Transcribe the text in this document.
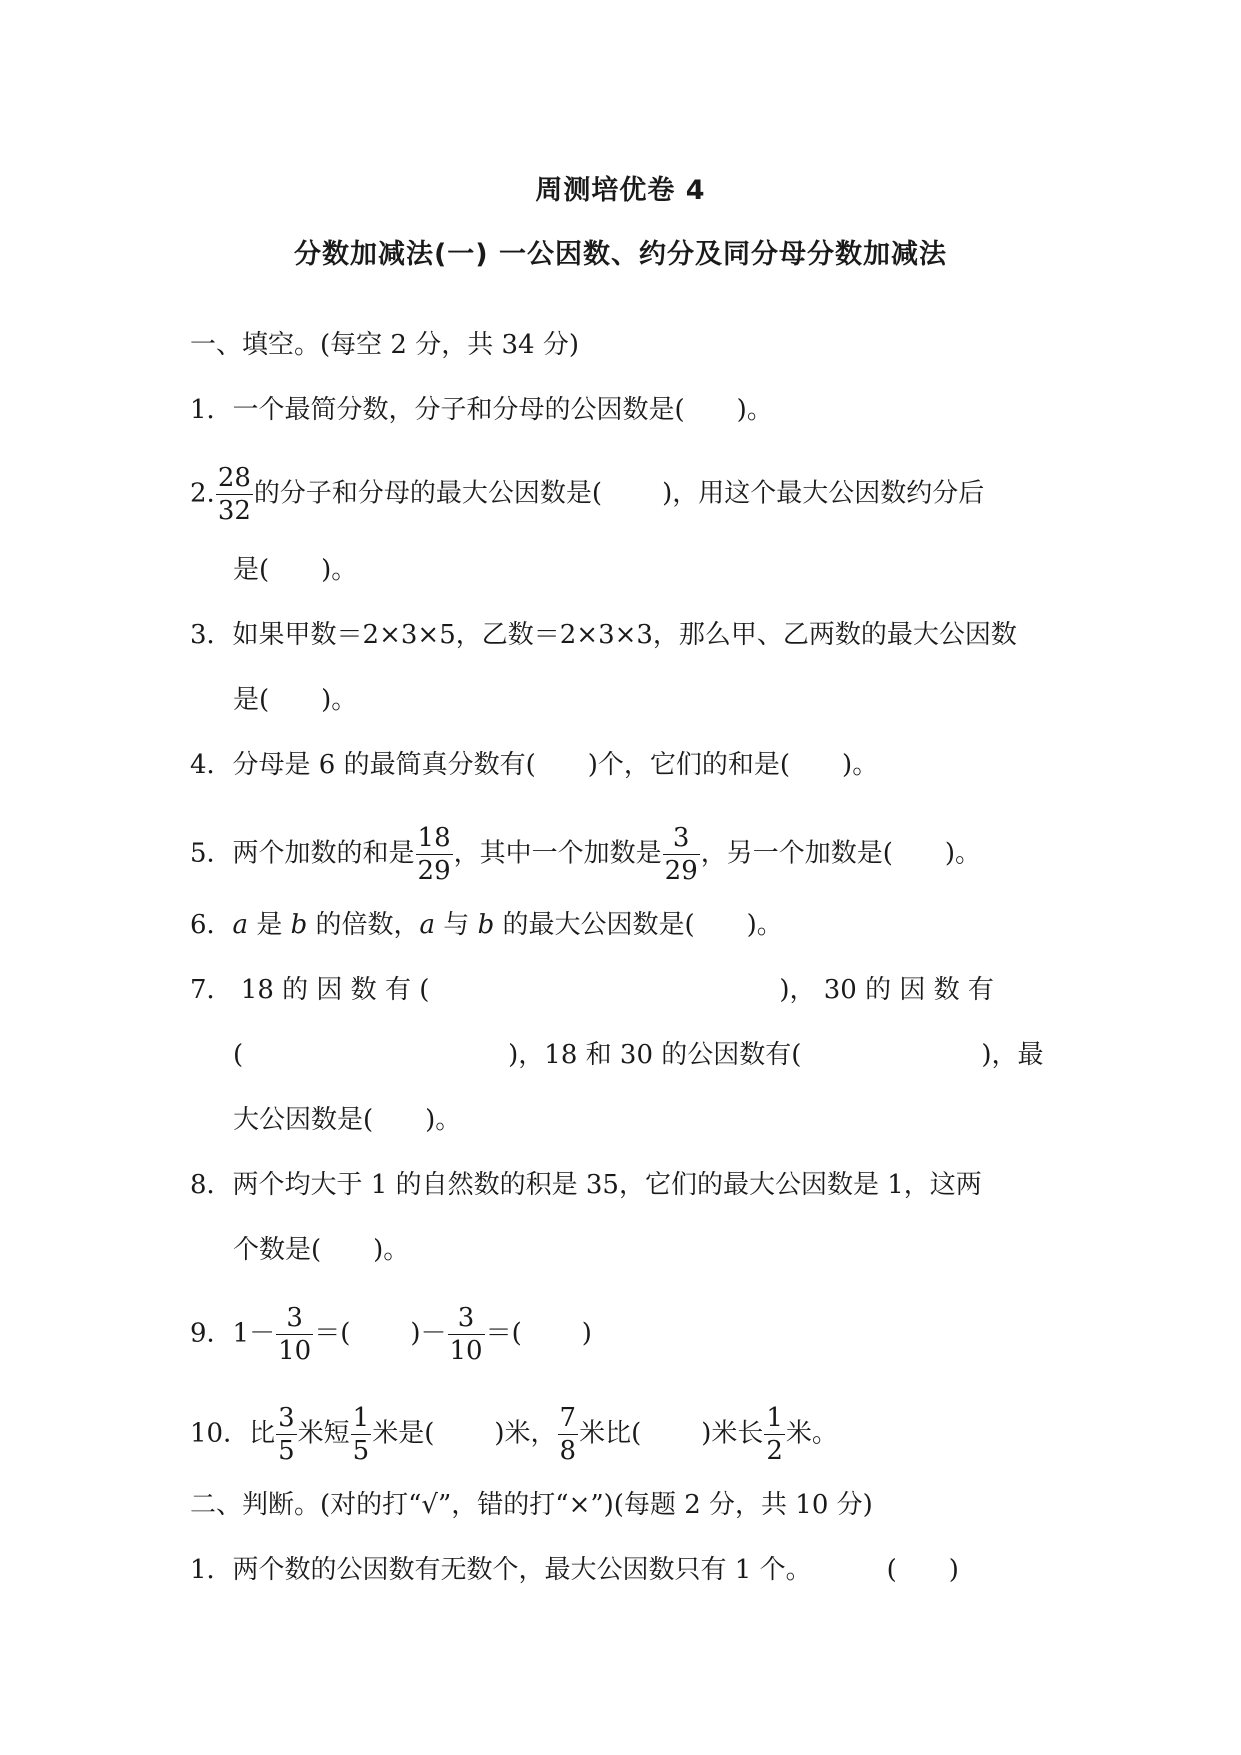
周测培优卷 4
分数加减法(一) 一公因数、约分及同分母分数加减法
一、填空。(每空 2 分，共 34 分)
1．一个最简分数，分子和分母的公因数是(　　)。
2. $\frac{28}{32}$ 的分子和分母的最大公因数是( )，用这个最大公因数约分后
是(　　)。
3．如果甲数＝2×3×5，乙数＝2×3×3，那么甲、乙两数的最大公因数
是(　　)。
4．分母是 6 的最简真分数有(　　)个，它们的和是(　　)。
5．两个加数的和是 $\frac{18}{29}$ ，其中一个加数是 $\frac{3}{29}$ ，另一个加数是(　　)。
6．a 是 b 的倍数，a 与 b 的最大公因数是(　　)。
7． 18 的 因 数 有 (	)， 30 的 因 数 有
(	)，18 和 30 的公因数有(	)，最
大公因数是(　　)。
8．两个均大于 1 的自然数的积是 35，它们的最大公因数是 1，这两
个数是(　　)。
9．$1- \frac{3}{10}$ ＝( )－ $\frac{3}{10}$ ＝( )
10．比 $\frac{3}{5}$ 米短 $\frac{1}{5}$ 米是( )米， $\frac{7}{8}$ 米比( )米长 $\frac{1}{2}$ 米。
二、判断。(对的打“√”，错的打“×”)(每题 2 分，共 10 分)
1．两个数的公因数有无数个，最大公因数只有 1 个。	(　　)
